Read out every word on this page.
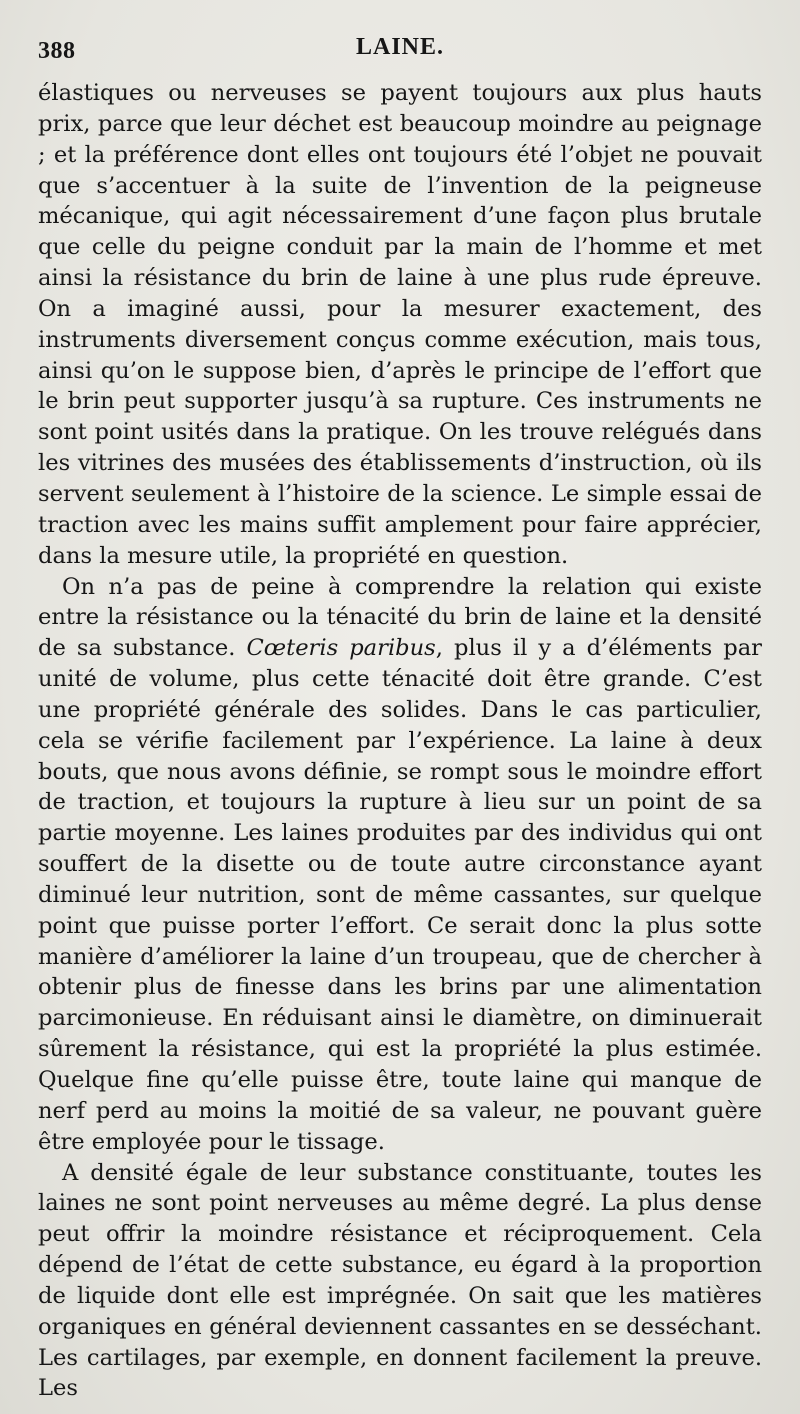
388	LAINE.

élastiques ou nerveuses se payent toujours aux plus hauts prix, parce que leur déchet est beaucoup moindre au peignage ; et la préférence dont elles ont toujours été l’objet ne pouvait que s’accentuer à la suite de l’invention de la peigneuse mécanique, qui agit nécessairement d’une façon plus brutale que celle du peigne conduit par la main de l’homme et met ainsi la résistance du brin de laine à une plus rude épreuve. On a imaginé aussi, pour la mesurer exactement, des instruments diversement conçus comme exécution, mais tous, ainsi qu’on le suppose bien, d’après le principe de l’effort que le brin peut supporter jusqu’à sa rupture. Ces instruments ne sont point usités dans la pratique. On les trouve relégués dans les vitrines des musées des établissements d’instruction, où ils servent seulement à l’histoire de la science. Le simple essai de traction avec les mains suffit amplement pour faire apprécier, dans la mesure utile, la propriété en question.

On n’a pas de peine à comprendre la relation qui existe entre la résistance ou la ténacité du brin de laine et la densité de sa substance. Cœteris paribus, plus il y a d’éléments par unité de volume, plus cette ténacité doit être grande. C’est une propriété générale des solides. Dans le cas particulier, cela se vérifie facilement par l’expérience. La laine à deux bouts, que nous avons définie, se rompt sous le moindre effort de traction, et toujours la rupture à lieu sur un point de sa partie moyenne. Les laines produites par des individus qui ont souffert de la disette ou de toute autre circonstance ayant diminué leur nutrition, sont de même cassantes, sur quelque point que puisse porter l’effort. Ce serait donc la plus sotte manière d’améliorer la laine d’un troupeau, que de chercher à obtenir plus de finesse dans les brins par une alimentation parcimonieuse. En réduisant ainsi le diamètre, on diminuerait sûrement la résistance, qui est la propriété la plus estimée. Quelque fine qu’elle puisse être, toute laine qui manque de nerf perd au moins la moitié de sa valeur, ne pouvant guère être employée pour le tissage.

A densité égale de leur substance constituante, toutes les laines ne sont point nerveuses au même degré. La plus dense peut offrir la moindre résistance et réciproquement. Cela dépend de l’état de cette substance, eu égard à la proportion de liquide dont elle est imprégnée. On sait que les matières organiques en général deviennent cassantes en se desséchant. Les cartilages, par exemple, en donnent facilement la preuve. Les
